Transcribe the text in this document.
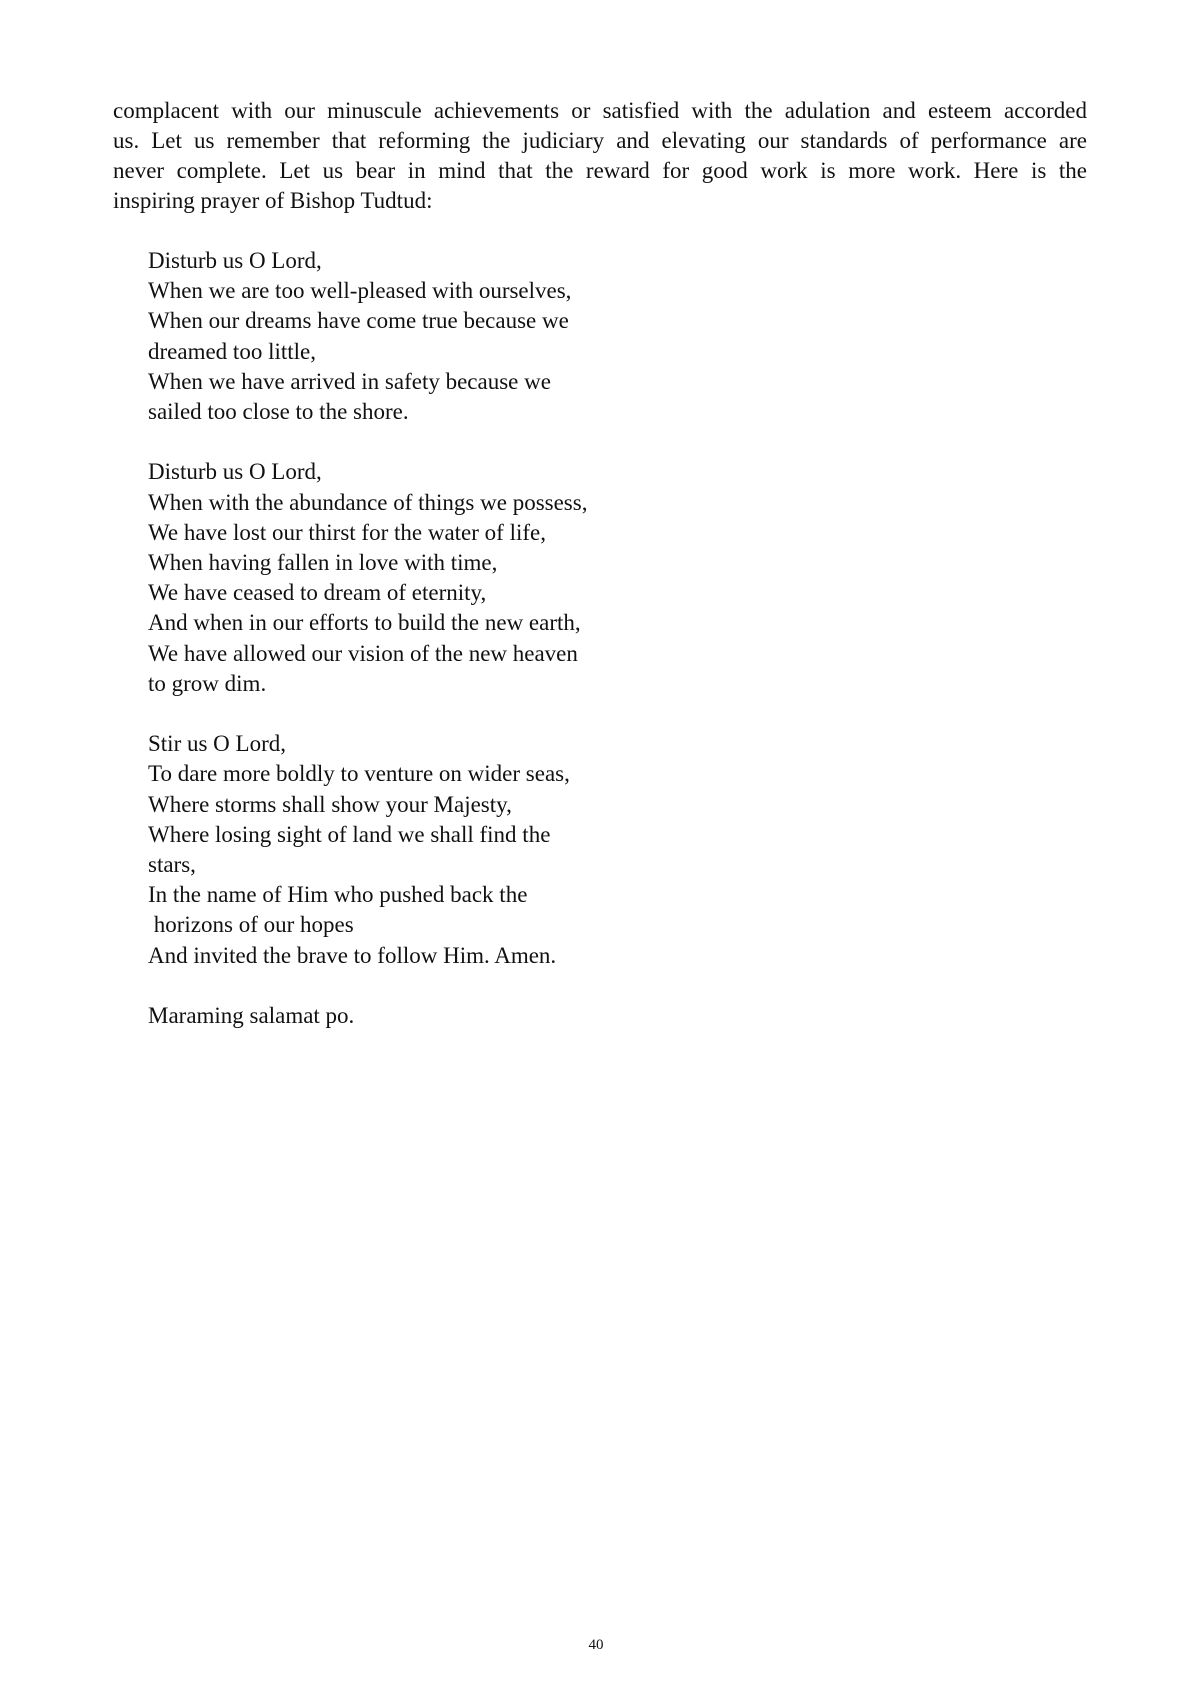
complacent with our minuscule achievements or satisfied with the adulation and esteem accorded
us. Let us remember that reforming the judiciary and elevating our standards of performance are
never complete. Let us bear in mind that the reward for good work is more work. Here is the
inspiring prayer of Bishop Tudtud:

Disturb us O Lord,
When we are too well-pleased with ourselves,
When our dreams have come true because we
dreamed too little,
When we have arrived in safety because we
sailed too close to the shore.
Disturb us O Lord,
When with the abundance of things we possess,
We have lost our thirst for the water of life,
When having fallen in love with time,
We have ceased to dream of eternity,
And when in our efforts to build the new earth,
We have allowed our vision of the new heaven
to grow dim.
Stir us O Lord,
To dare more boldly to venture on wider seas,
Where storms shall show your Majesty,
Where losing sight of land we shall find the
stars,
In the name of Him who pushed back the
horizons of our hopes
And invited the brave to follow Him. Amen.
Maraming salamat po.
40
